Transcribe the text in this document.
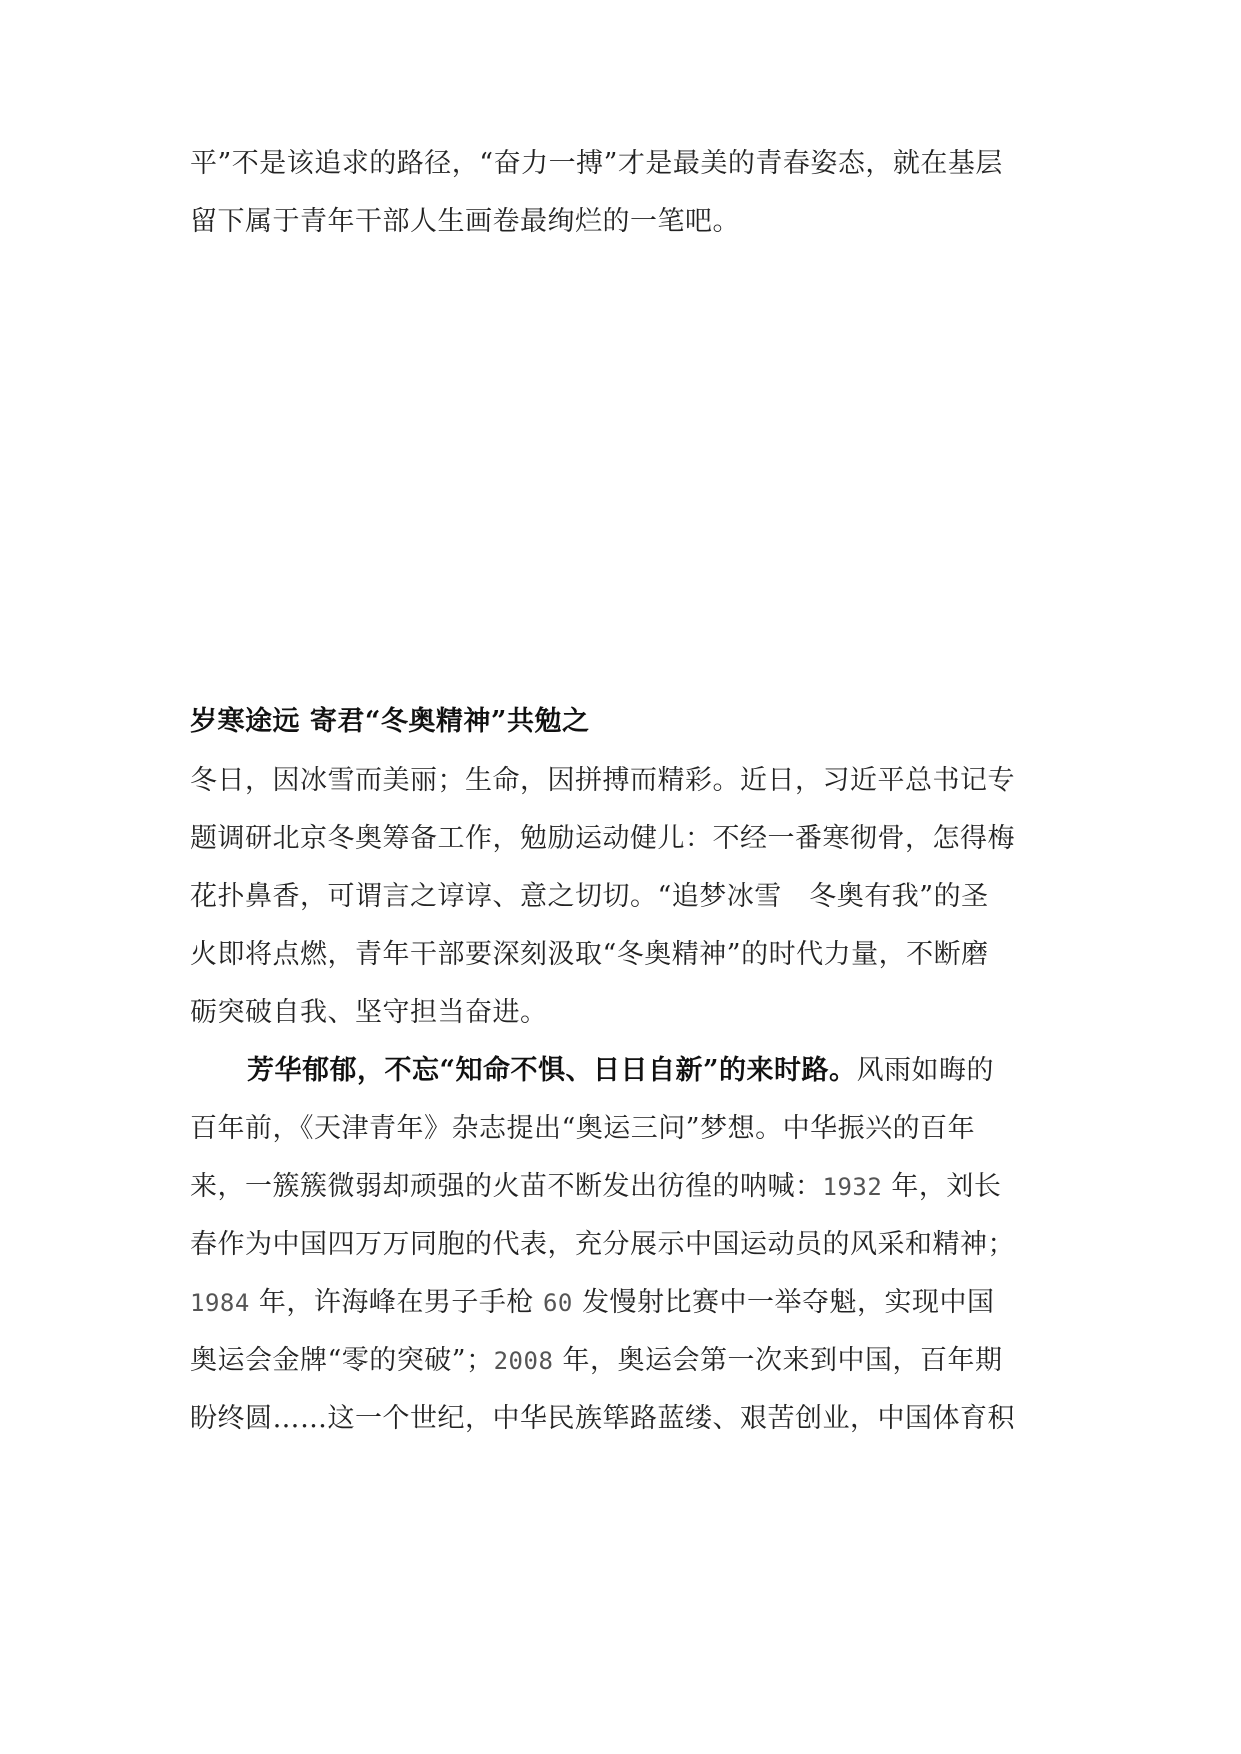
平”不是该追求的路径，“奋力一搏”才是最美的青春姿态，就在基层

留下属于青年干部人生画卷最绚烂的一笔吧。

岁寒途远 寄君“冬奥精神”共勉之

冬日，因冰雪而美丽；生命，因拼搏而精彩。近日，习近平总书记专

题调研北京冬奥筹备工作，勉励运动健儿：不经一番寒彻骨，怎得梅

花扑鼻香，可谓言之谆谆、意之切切。“追梦冰雪　冬奥有我”的圣

火即将点燃，青年干部要深刻汲取“冬奥精神”的时代力量，不断磨

砺突破自我、坚守担当奋进。

芳华郁郁，不忘“知命不惧、日日自新”的来时路。风雨如晦的

百年前，《天津青年》杂志提出“奥运三问”梦想。中华振兴的百年

来，一簇簇微弱却顽强的火苗不断发出彷徨的呐喊：1932 年，刘长

春作为中国四万万同胞的代表，充分展示中国运动员的风采和精神；

1984 年，许海峰在男子手枪 60 发慢射比赛中一举夺魁，实现中国

奥运会金牌“零的突破”；2008 年，奥运会第一次来到中国，百年期

盼终圆……这一个世纪，中华民族筚路蓝缕、艰苦创业，中国体育积
